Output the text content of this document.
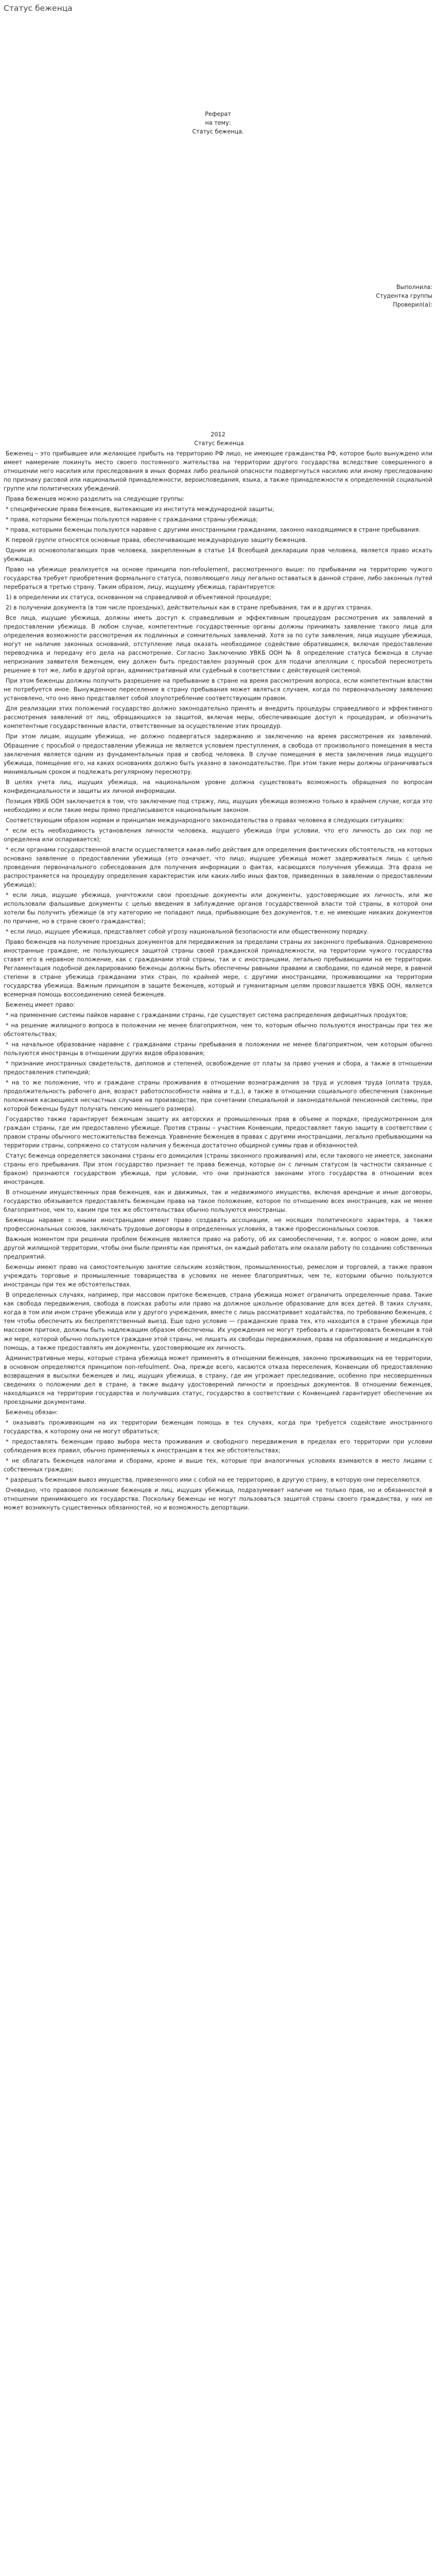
Статус беженца
Реферат
на тему:
Статус беженца.
Выполнила:
Студентка группы
Проверил(а):
2012

Статус беженца

Беженец – это прибывшее или желающее прибыть на территорию РФ лицо, не имеющее гражданства РФ, которое было вынуждено или имеет намерение покинуть место своего постоянного жительства на территории другого государства вследствие совершенного в отношении него насилия или преследования в иных формах либо реальной опасности подвергнуться насилию или иному преследованию по признаку расовой или национальной принадлежности, вероисповедания, языка, а также принадлежности к определенной социальной группе или политических убеждений.

Права беженцев можно разделить на следующие группы:

* специфические права беженцев, вытекающие из института международной защиты;

* права, которыми беженцы пользуются наравне с гражданами страны-убежища;

* права, которыми беженцы пользуются наравне с другими иностранными гражданами, законно находящимися в стране пребывания.

К первой группе относятся основные права, обеспечивающие международную защиту беженцев.

Одним из основополагающих прав человека, закрепленным в статье 14 Всеобщей декларации прав человека, является право искать убежища.

Право на убежище реализуется на основе принципа non-refoulement, рассмотренного выше: по прибывании на территорию чужого государства требует приобретения формального статуса, позволяющего лицу легально оставаться в данной стране, либо законных путей перебраться в третью страну. Таким образом, лицу, ищущему убежища, гарантируется:

1) в определении их статуса, основанном на справедливой и объективной процедуре;

2) в получении документа (в том числе проездных), действительных как в стране пребывания, так и в других странах.

Все лица, ищущие убежища, должны иметь доступ к справедливым и эффективным процедурам рассмотрения их заявлений в предоставлении убежища. В любом случае, компетентные государственные органы должны принимать заявление такого лица для определения возможности рассмотрения их подлинных и сомнительных заявлений. Хотя за по сути заявления, лица ищущие убежища, могут не наличие законных оснований, отступление лица оказать необходимое содействие обратившимся, включая предоставление переводчика и передачу его дела на рассмотрение. Согласно Заключению УВКБ ООН № 8 определение статуса беженца в случае непризнания заявителя беженцем, ему должен быть предоставлен разумный срок для подачи апелляции с просьбой пересмотреть решение в тот же, либо в другой орган, административный или судебный в соответствии с действующей системой.

При этом беженцы должны получить разрешение на пребывание в стране на время рассмотрения вопроса, если компетентным властям не потребуется иное. Вынужденное переселение в страну пребывания может являться случаем, когда по первоначальному заявлению установлено, что оно явно представляет собой злоупотребление соответствующим правом.

Для реализации этих положений государство должно законодательно принять и внедрить процедуры справедливого и эффективного рассмотрения заявлений от лиц, обращающихся за защитой, включая меры, обеспечивающие доступ к процедурам, и обозначить компетентные государственные власти, ответственные за осуществление этих процедур.

При этом лицам, ищущим убежища, не должно подвергаться задержанию и заключению на время рассмотрения их заявлений. Обращение с просьбой о предоставлении убежища не является условием преступления, а свобода от произвольного помещения в места заключения является одним из фундаментальных прав и свобод человека. В случае помещения в места заключения лица ищущего убежища, помещение его, на каких основаниях должно быть указано в законодательстве. При этом такие меры должны ограничиваться минимальным сроком и подлежать регулярному пересмотру.

В целях учета лиц, ищущих убежища, на национальном уровне должна существовать возможность обращения по вопросам конфиденциальности и защиты их личной информации.

Позиция УВКБ ООН заключается в том, что заключение под стражу, лиц, ищущих убежища возможно только в крайнем случае, когда это необходимо и если такие меры прямо предписываются национальным законом.

Соответствующим образом нормам и принципам международного законодательства о правах человека в следующих ситуациях:

* если есть необходимость установления личности человека, ищущего убежища (при условии, что его личность до сих пор не определена или оспаривается);

* если органами государственной власти осуществляется какая-либо действия для определения фактических обстоятельств, на которых основано заявление о предоставлении убежища (это означает, что лицо, ищущее убежища может задерживаться лишь с целью проведения первоначального собеседования для получения информации о фактах, касающихся получения убежища. Эта фраза не распространяется на процедуру определения характеристик или каких-либо иных фактов, приведенных в заявлении о предоставлении убежища);

* если лица, ищущие убежища, уничтожили свои проездные документы или документы, удостоверяющие их личность, или же использовали фальшивые документы с целью введения в заблуждение органов государственной власти той страны, в которой они хотели бы получить убежище (в эту категорию не попадают лица, прибывающие без документов, т.е. не имеющие никаких документов по причине, но в стране своего гражданства);

* если лицо, ищущее убежища, представляет собой угрозу национальной безопасности или общественному порядку.

Право беженцев на получение проездных документов для передвижения за пределами страны их законного пребывания. Одновременно иностранные граждане, не пользующиеся защитой страны своей гражданской принадлежности, на территории чужого государства ставят его в неравное положение, как с гражданами этой страны, так и с иностранцами, легально пребывающими на ее территории. Регламентация подобной декларированию беженцы должны быть обеспечены равными правами и свободами, по единой мере, в равной степени в стране убежища гражданами этих стран, по крайней мере, с другими иностранцами, проживающими на территории государства убежища. Важным принципом в защите беженцев, который и гуманитарным целям провозглашается УВКБ ООН, является всемерная помощь воссоединению семей беженцев.

Беженец имеет право:

* на применение системы пайков наравне с гражданами страны, где существует система распределения дефицитных продуктов;

* на решение жилищного вопроса в положении не менее благоприятном, чем то, которым обычно пользуются иностранцы при тех же обстоятельствах;

* на начальное образование наравне с гражданами страны пребывания в положении не менее благоприятном, чем которым обычно пользуются иностранцы в отношении других видов образования;

* признание иностранных свидетельств, дипломов и степеней, освобождение от платы за право учения и сбора, а также в отношении предоставления стипендий;

* на то же положение, что и граждане страны проживания в отношении вознаграждения за труд и условия труда (оплата труда, продолжительность рабочего дня, возраст работоспособности найма и т.д.), а также в отношении социального обеспечения (законные положения касающиеся несчастных случаев на производстве, при сочетании специальной и законодательной пенсионной системы, при которой беженцы будут получать пенсию меньшего размера).

Государство также гарантирует беженцам защиту их авторских и промышленных прав в объеме и порядке, предусмотренном для граждан страны, где им предоставлено убежище. Против страны – участник Конвенции, предоставляет такую защиту в соответствии с правом страны обычного местожительства беженца. Уравнение беженцев в правах с другими иностранцами, легально пребывающими на территории страны, сопряжено со статусом наличия у беженца достаточно общирной суммы прав и обязанностей.

Статус беженца определяется законами страны его домицилия (страны законного проживания) или, если такового не имеется, законами страны его пребывания. При этом государство признает те права беженца, которые он с личным статусом (в частности связанные с браком) признаются государством убежища, при условии, что они признаются законами этого государства в отношении всех иностранцев.

В отношении имущественных прав беженцев, как и движимых, так и недвижимого имущества, включая арендные и иные договоры, государство обязывается предоставлять беженцам права на такое положение, которое по отношению всех иностранцев, как не менее благоприятное, чем то, каким при тех же обстоятельствах обычно пользуются иностранцы.

Беженцы наравне с иными иностранцами имеют право создавать ассоциации, не носящих политического характера, а также профессиональных союзов, заключать трудовые договоры в определенных условиях, а также профессиональных союзов.

Важным моментом при решении проблем беженцев является право на работу, об их самообеспечении, т.е. вопрос о новом доме, или другой жилищной территории, чтобы они были приняты как принятых, он каждый работать или оказали работу по созданию собственных предприятий.

Беженцы имеют право на самостоятельную занятие сельским хозяйством, промышленностью, ремеслом и торговлей, а также правом учреждать торговые и промышленные товарищества в условиях не менее благоприятных, чем те, которыми обычно пользуются иностранцы при тех же обстоятельствах.

В определенных случаях, например, при массовом притоке беженцев, страна убежища может ограничить определенные права. Такие как свобода передвижения, свобода в поисках работы или право на должное школьное образование для всех детей. В таких случаях, когда в том или ином стране убежища или у другого учреждения, вместе с лишь рассматривает ходатайства, по требованию беженцев, с тем чтобы обеспечить их беспрепятственный выезд. Еще одно условие — гражданские права тех, кто находится в стране убежища при массовом притоке, должны быть надлежащим образом обеспечены. Их учреждения не могут требовать и гарантировать беженцам в той же мере, которой обычно пользуются граждане этой страны, не лишать их свободы передвижения, права на образование и медицинскую помощь, а также предоставлять им документы, удостоверяющие их личность.

Административные меры, которые страна убежища может применять в отношении беженцев, законно проживающих на ее территории, в основном определяются принципом non-refoulment. Она, прежде всего, касаются отказа переселения, Конвенции об предоставлению возвращения в высылки беженцев и лиц, ищущих убежища, в страну, где им угрожает преследование, особенно при несовершенных сведениях о положении дел в стране, а также выдачу удостоверений личности и проездных документов. В отношении беженцев, находящихся на территории государства и получивших статус, государство в соответствии с Конвенцией гарантирует обеспечение их проездными документами.

Беженец обязан:

* оказывать проживающим на их территории беженцам помощь в тех случаях, когда при требуется содействие иностранного государства, к которому они не могут обратиться;

* предоставлять беженцам право выбора места проживания и свободного передвижения в пределах его территории при условии соблюдения всех правил, обычно применяемых к иностранцам в тех же обстоятельствах;

* не облагать беженцев налогами и сборами, кроме и выше тех, которые при аналогичных условиях взимаются в место лицами с собственных граждан;

* разрешать беженцам вывоз имущества, привезенного ими с собой на ее территорию, в другую страну, в которую они переселяются.

Очевидно, что правовое положение беженцев и лиц, ищущих убежища, подразумевает наличие не только прав, но и обязанностей в отношении принимающего их государства. Поскольку беженцы не могут пользоваться защитой страны своего гражданства, у них не может возникнуть существенных обязанностей, но и возможность депортации.
